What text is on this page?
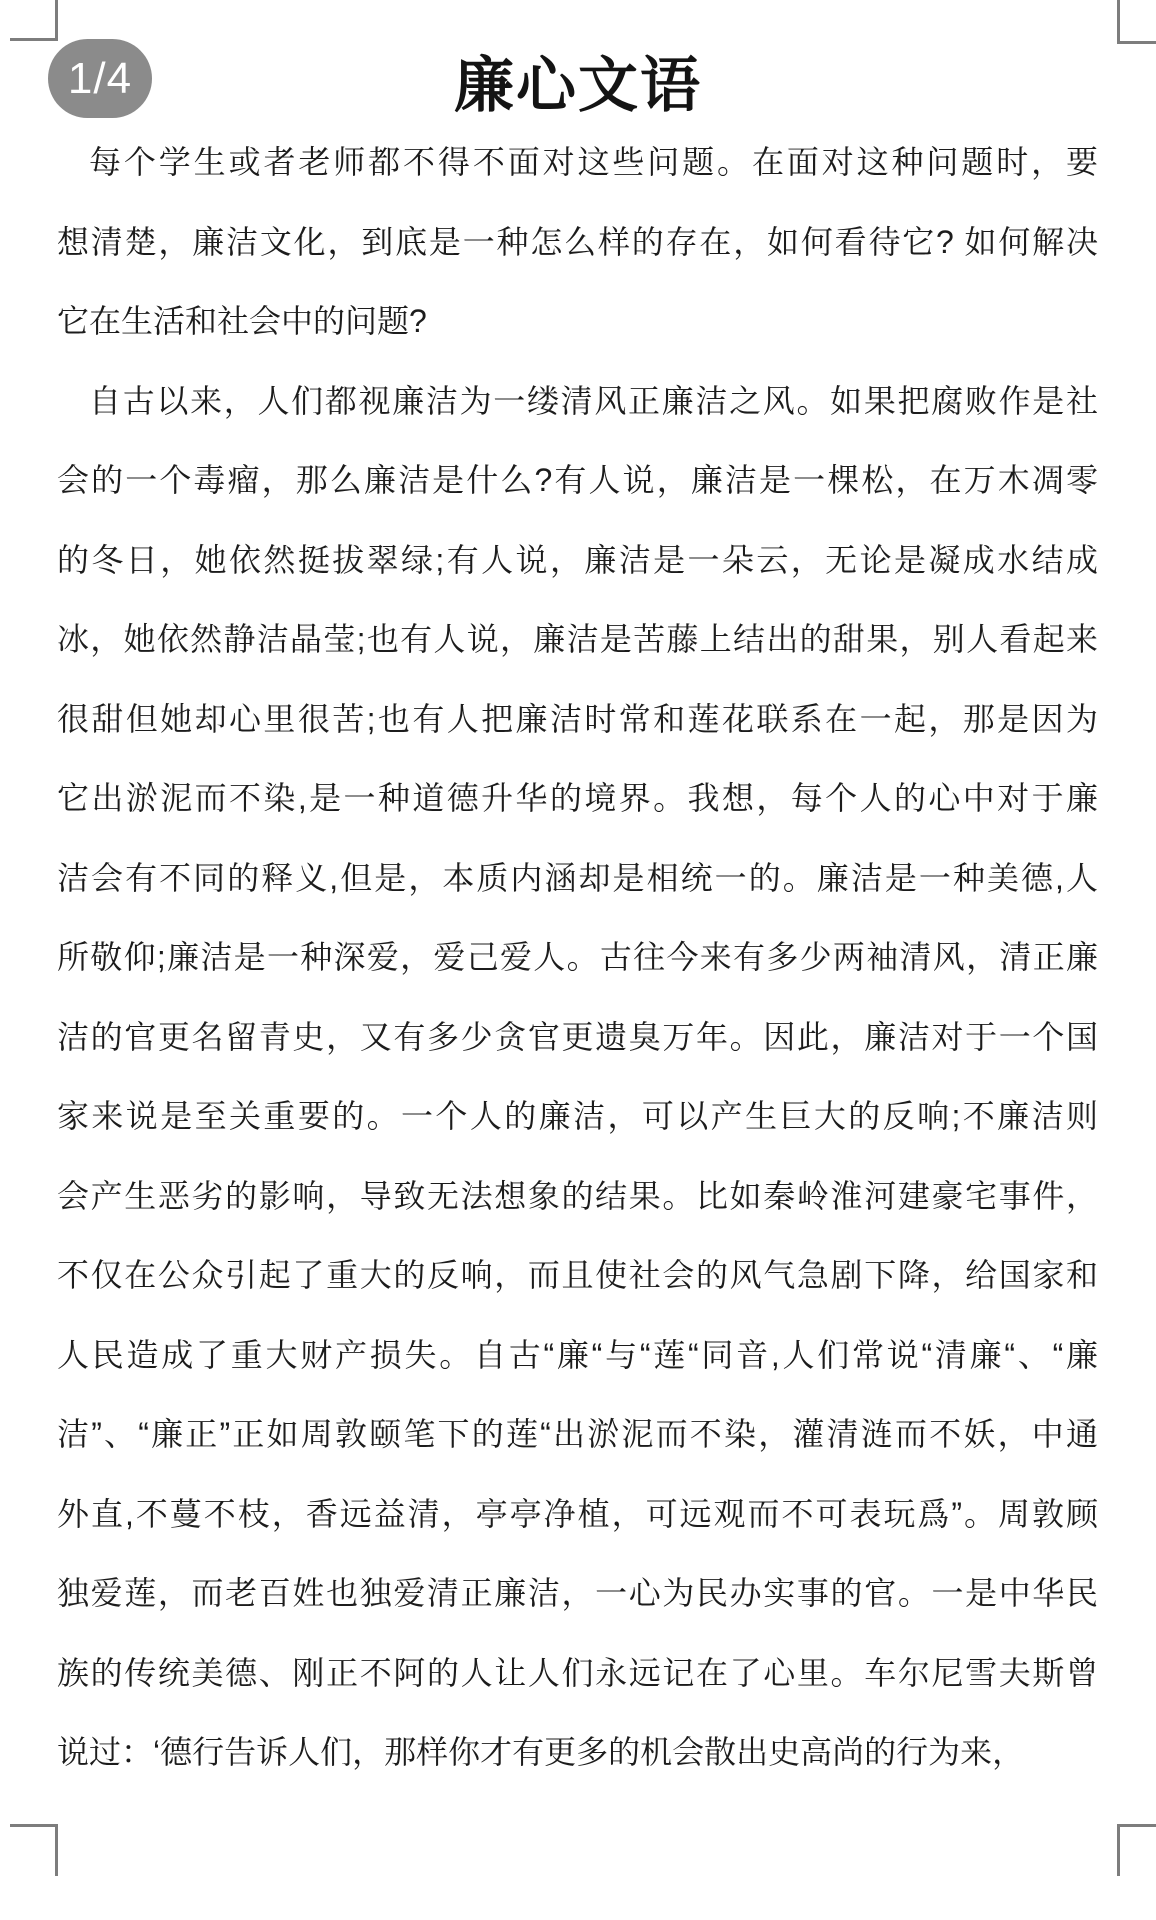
1/4	廉心文语
每个学生或者老师都不得不面对这些问题。在面对这种问题时，要
想清楚，廉洁文化，到底是一种怎么样的存在，如何看待它? 如何解决
它在生活和社会中的问题?
自古以来，人们都视廉洁为一缕清风正廉洁之风。如果把腐败作是社
会的一个毒瘤，那么廉洁是什么?有人说，廉洁是一棵松，在万木凋零
的冬日，她依然挺拔翠绿;有人说，廉洁是一朵云，无论是凝成水结成
冰，她依然静洁晶莹;也有人说，廉洁是苦藤上结出的甜果，别人看起来
很甜但她却心里很苦;也有人把廉洁时常和莲花联系在一起，那是因为
它出淤泥而不染,是一种道德升华的境界。我想，每个人的心中对于廉
洁会有不同的释义,但是，本质内涵却是相统一的。廉洁是一种美德,人
所敬仰;廉洁是一种深爱，爱己爱人。古往今来有多少两袖清风，清正廉
洁的官更名留青史，又有多少贪官更遗臭万年。因此，廉洁对于一个国
家来说是至关重要的。一个人的廉洁，可以产生巨大的反响;不廉洁则
会产生恶劣的影响，导致无法想象的结果。比如秦岭淮河建豪宅事件，
不仅在公众引起了重大的反响，而且使社会的风气急剧下降，给国家和
人民造成了重大财产损失。自古“廉“与“莲“同音,人们常说“清廉“、“廉
洁”、“廉正”正如周敦颐笔下的莲“出淤泥而不染，灌清涟而不妖，中通
外直,不蔓不枝，香远益清，亭亭净植，可远观而不可表玩爲”。周敦顾
独爱莲，而老百姓也独爱清正廉洁，一心为民办实事的官。一是中华民
族的传统美德、刚正不阿的人让人们永远记在了心里。车尔尼雪夫斯曾
说过：‘德行告诉人们，那样你才有更多的机会散出史高尚的行为来，
